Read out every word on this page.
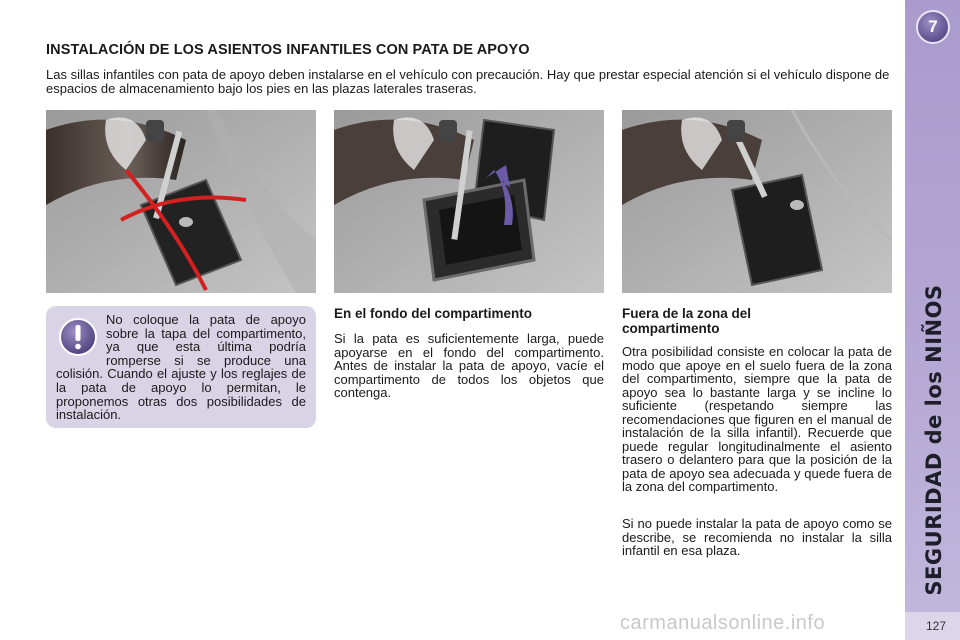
7
SEGURIDAD de los NIÑOS
127
INSTALACIÓN DE LOS ASIENTOS INFANTILES CON PATA DE APOYO
Las sillas infantiles con pata de apoyo deben instalarse en el vehículo con precaución. Hay que prestar especial atención si el vehículo dispone de espacios de almacenamiento bajo los pies en las plazas laterales traseras.
No coloque la pata de apoyo sobre la tapa del compartimento, ya que esta última podría romperse si se produce una colisión. Cuando el ajuste y los reglajes de la pata de apoyo lo permitan, le proponemos otras dos posibilidades de instalación.
En el fondo del compartimento
Si la pata es suficientemente larga, puede apoyarse en el fondo del compartimento. Antes de instalar la pata de apoyo, vacíe el compartimento de todos los objetos que contenga.
Fuera de la zona del compartimento
Otra posibilidad consiste en colocar la pata de modo que apoye en el suelo fuera de la zona del compartimento, siempre que la pata de apoyo sea lo bastante larga y se incline lo suficiente (respetando siempre las recomendaciones que figuren en el manual de instalación de la silla infantil). Recuerde que puede regular longitudinalmente el asiento trasero o delantero para que la posición de la pata de apoyo sea adecuada y quede fuera de la zona del compartimento.
Si no puede instalar la pata de apoyo como se describe, se recomienda no instalar la silla infantil en esa plaza.
carmanualsonline.info
